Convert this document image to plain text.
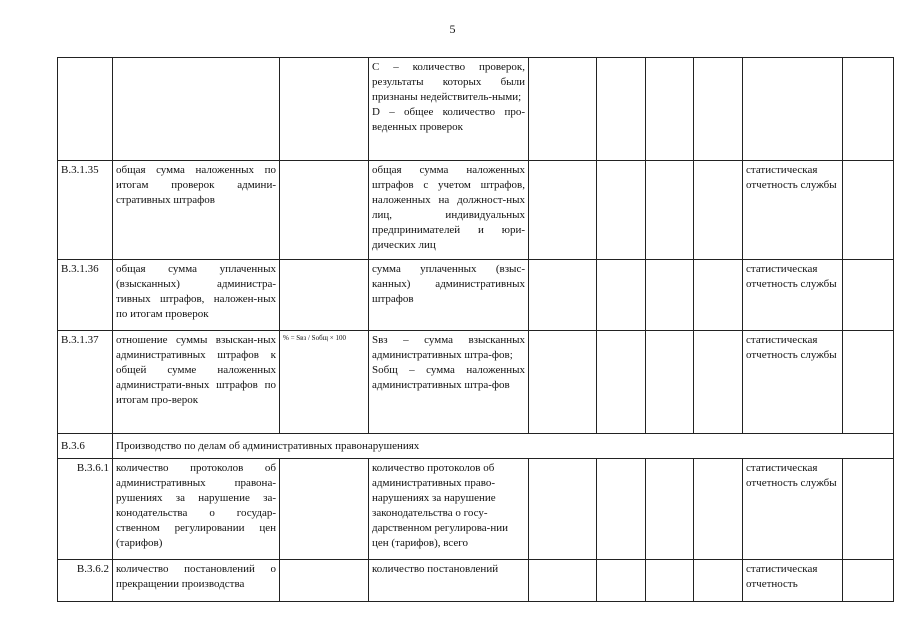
5
			C – количество проверок, результаты которых были признаны недействитель-ными;
D – общее количество про-веденных проверок						
В.3.1.35	общая сумма наложенных по итогам проверок админи-стративных штрафов		общая сумма наложенных штрафов с учетом штрафов, наложенных на должност-ных лиц, индивидуальных предпринимателей и юри-дических лиц					статистическая отчетность службы	
В.3.1.36	общая сумма уплаченных (взысканных) администра-тивных штрафов, наложен-ных по итогам проверок		сумма уплаченных (взыс-канных) административных штрафов					статистическая отчетность службы	
В.3.1.37	отношение суммы взыскан-ных административных штрафов к общей сумме наложенных администрати-вных штрафов по итогам про-верок	% = Sвз / Sобщ × 100	Sвз – сумма взысканных административных штра-фов;
Sобщ – сумма наложенных административных штра-фов					статистическая отчетность службы	
В.3.6	Производство по делам об административных правонарушениях								
В.3.6.1	количество протоколов об административных правона-рушениях за нарушение за-конодательства о государ-ственном регулировании цен (тарифов)		количество протоколов об административных право-нарушениях за нарушение законодательства о госу-дарственном регулирова-нии цен (тарифов), всего					статистическая отчетность службы	
В.3.6.2	количество постановлений о прекращении производства		количество постановлений					статистическая отчетность	
